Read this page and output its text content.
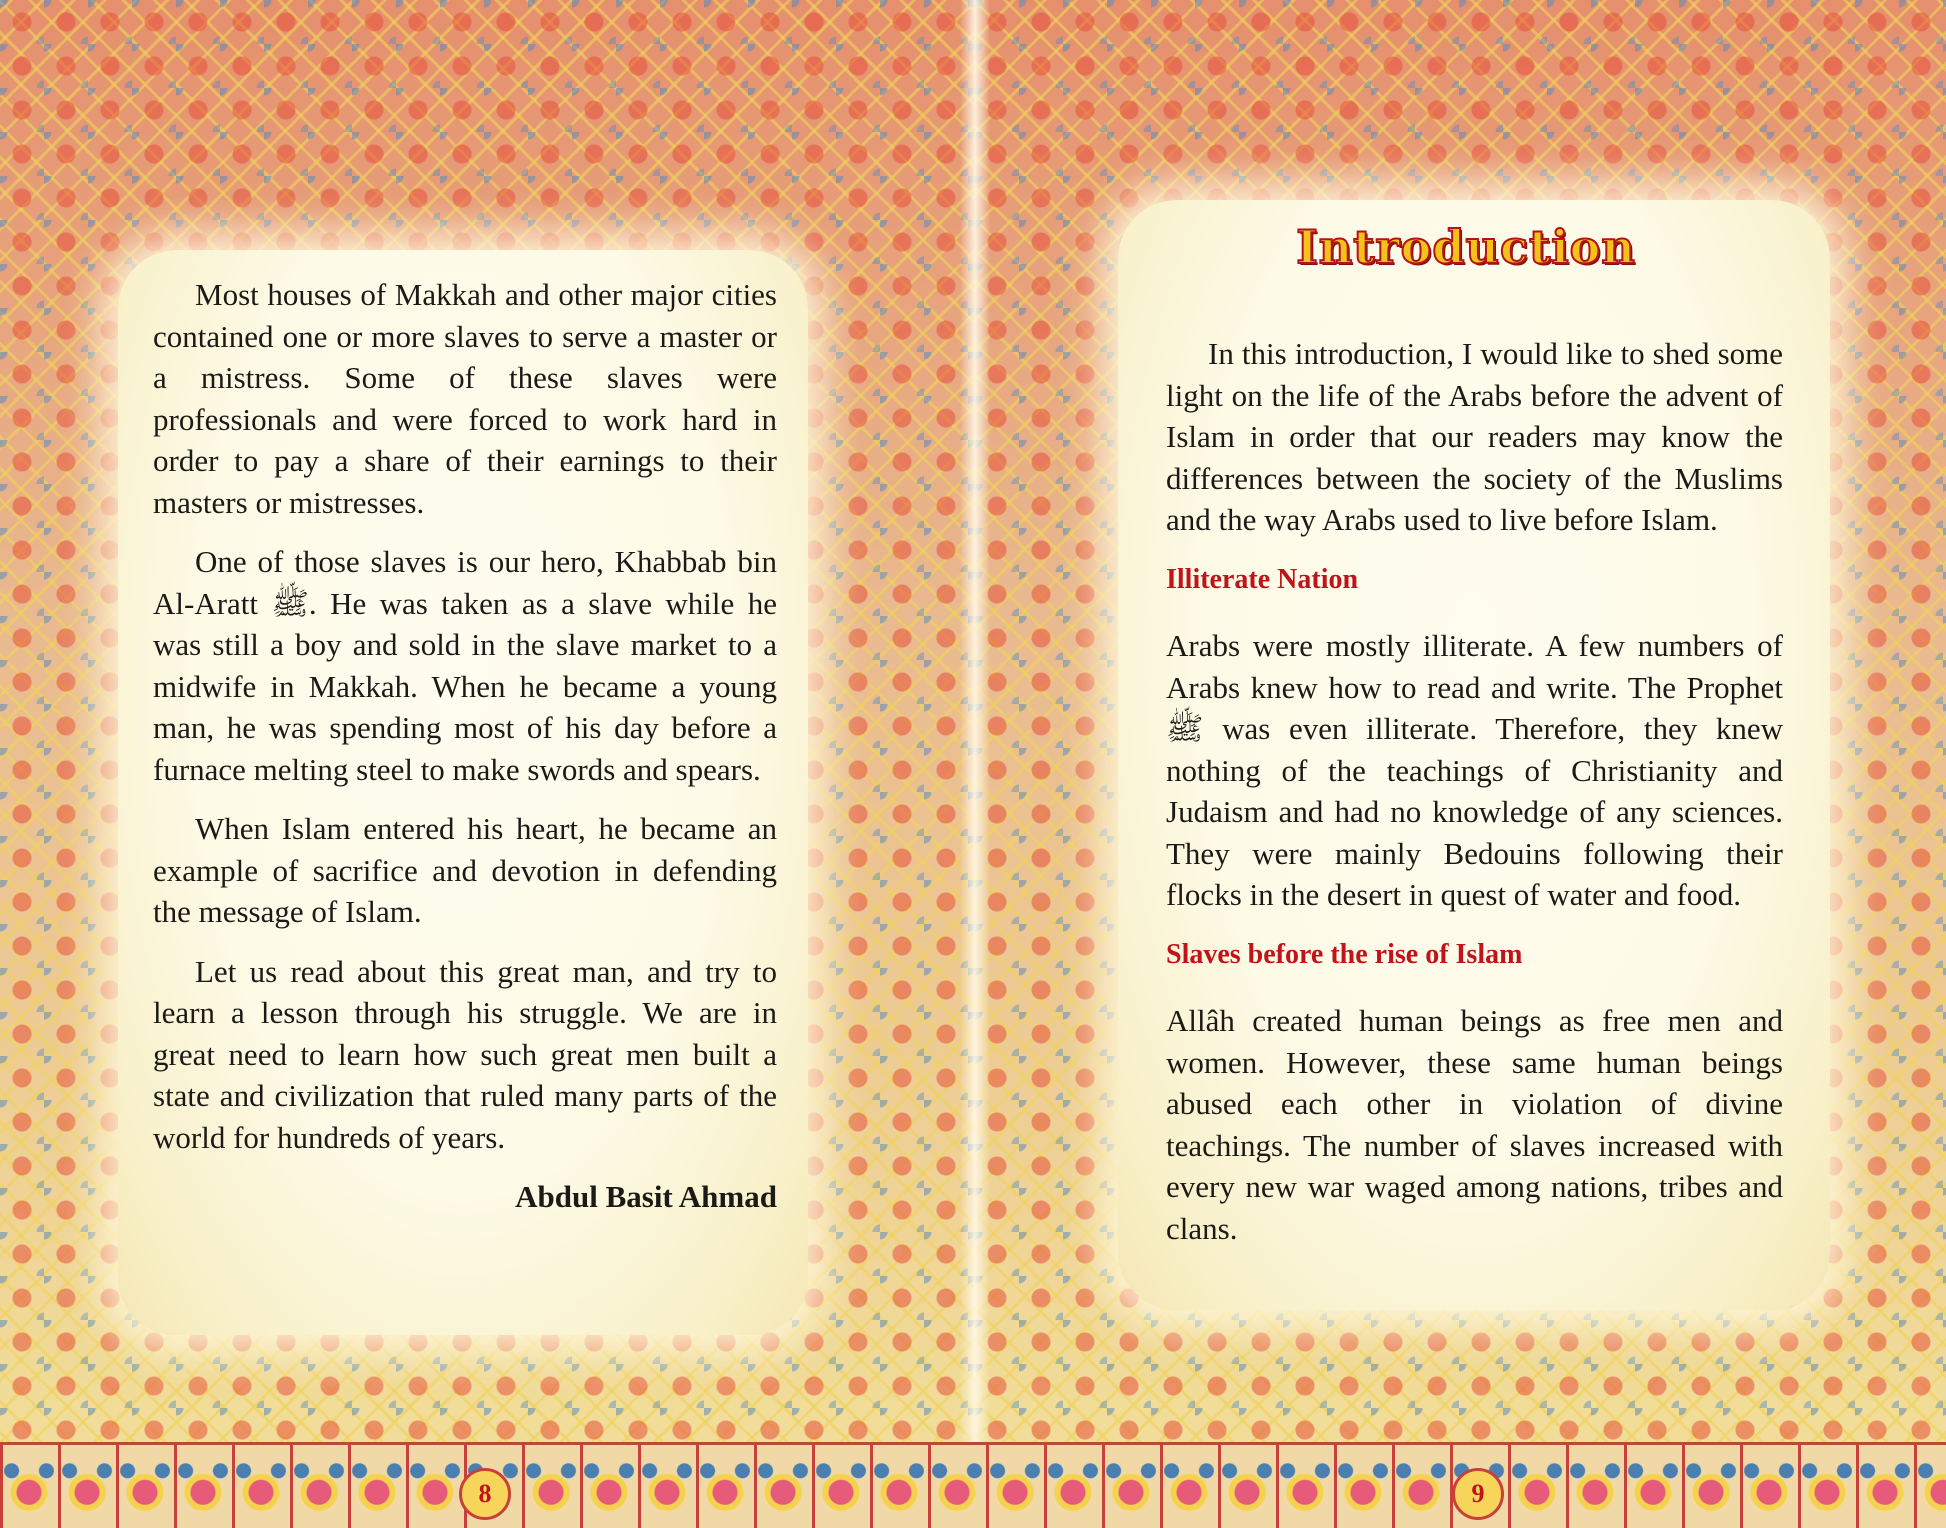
Most houses of Makkah and other major cities contained one or more slaves to serve a master or a mistress. Some of these slaves were professionals and were forced to work hard in order to pay a share of their earnings to their masters or mistresses.

One of those slaves is our hero, Khabbab bin Al-Aratt ﷺ. He was taken as a slave while he was still a boy and sold in the slave market to a midwife in Makkah. When he became a young man, he was spending most of his day before a furnace melting steel to make swords and spears.

When Islam entered his heart, he became an example of sacrifice and devotion in defending the message of Islam.

Let us read about this great man, and try to learn a lesson through his struggle. We are in great need to learn how such great men built a state and civilization that ruled many parts of the world for hundreds of years.

Abdul Basit Ahmad
Introduction

In this introduction, I would like to shed some light on the life of the Arabs before the advent of Islam in order that our readers may know the differences between the society of the Muslims and the way Arabs used to live before Islam.

Illiterate Nation

Arabs were mostly illiterate. A few numbers of Arabs knew how to read and write. The Prophet ﷺ was even illiterate. Therefore, they knew nothing of the teachings of Christianity and Judaism and had no knowledge of any sciences. They were mainly Bedouins following their flocks in the desert in quest of water and food.

Slaves before the rise of Islam

Allâh created human beings as free men and women. However, these same human beings abused each other in violation of divine teachings. The number of slaves increased with every new war waged among nations, tribes and clans.

8	9
